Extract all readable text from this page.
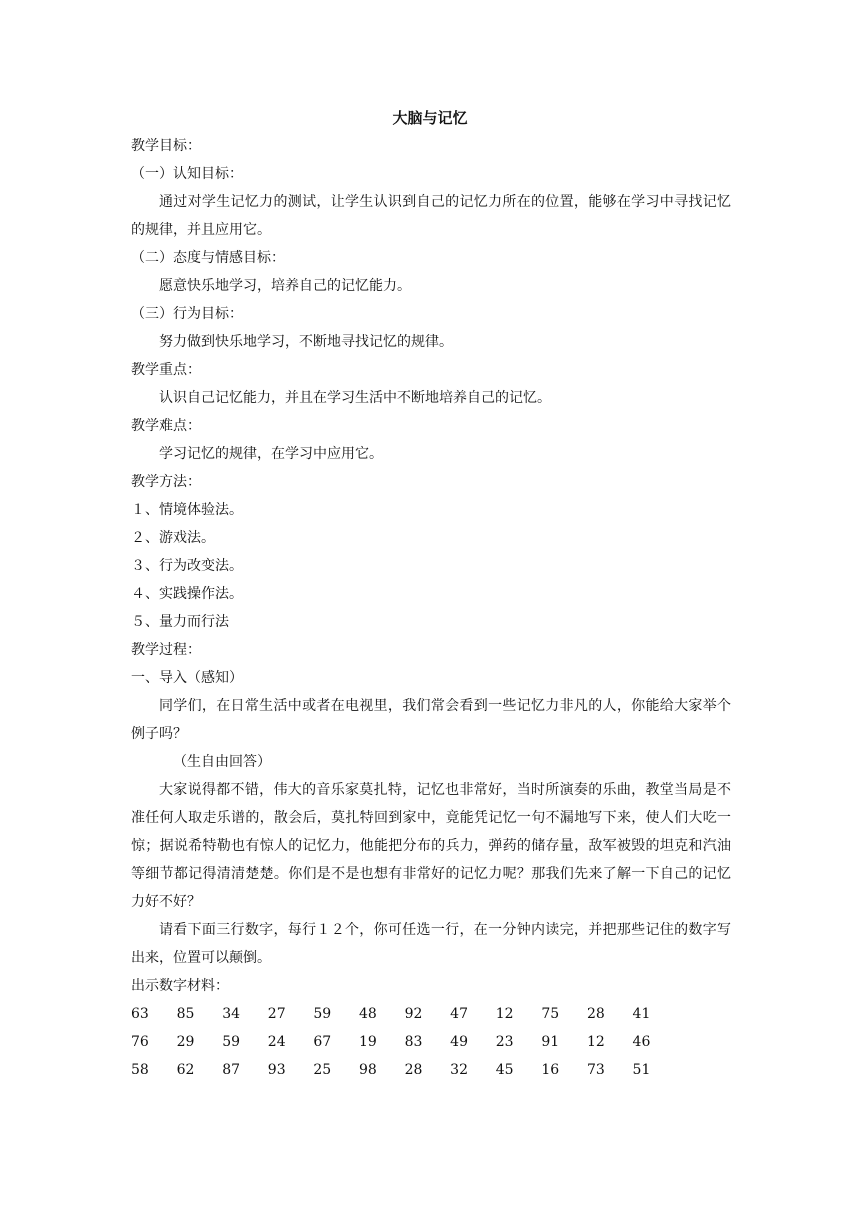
大脑与记忆

教学目标：

（一）认知目标：

通过对学生记忆力的测试，让学生认识到自己的记忆力所在的位置，能够在学习中寻找记忆的规律，并且应用它。

（二）态度与情感目标：

愿意快乐地学习，培养自己的记忆能力。

（三）行为目标：

努力做到快乐地学习，不断地寻找记忆的规律。

教学重点：

认识自己记忆能力，并且在学习生活中不断地培养自己的记忆。

教学难点：

学习记忆的规律，在学习中应用它。

教学方法：

１、情境体验法。

２、游戏法。

３、行为改变法。

４、实践操作法。

５、量力而行法

教学过程：

一、导入（感知）

同学们，在日常生活中或者在电视里，我们常会看到一些记忆力非凡的人，你能给大家举个例子吗？

（生自由回答）

大家说得都不错，伟大的音乐家莫扎特，记忆也非常好，当时所演奏的乐曲，教堂当局是不准任何人取走乐谱的，散会后，莫扎特回到家中，竟能凭记忆一句不漏地写下来，使人们大吃一惊；据说希特勒也有惊人的记忆力，他能把分布的兵力，弹药的储存量，敌军被毁的坦克和汽油等细节都记得清清楚楚。你们是不是也想有非常好的记忆力呢？那我们先来了解一下自己的记忆力好不好？

请看下面三行数字，每行１２个，你可任选一行，在一分钟内读完，并把那些记住的数字写出来，位置可以颠倒。

出示数字材料：

63	85	34	27	59	48	92	47	12	75	28	41
76	29	59	24	67	19	83	49	23	91	12	46
58	62	87	93	25	98	28	32	45	16	73	51
